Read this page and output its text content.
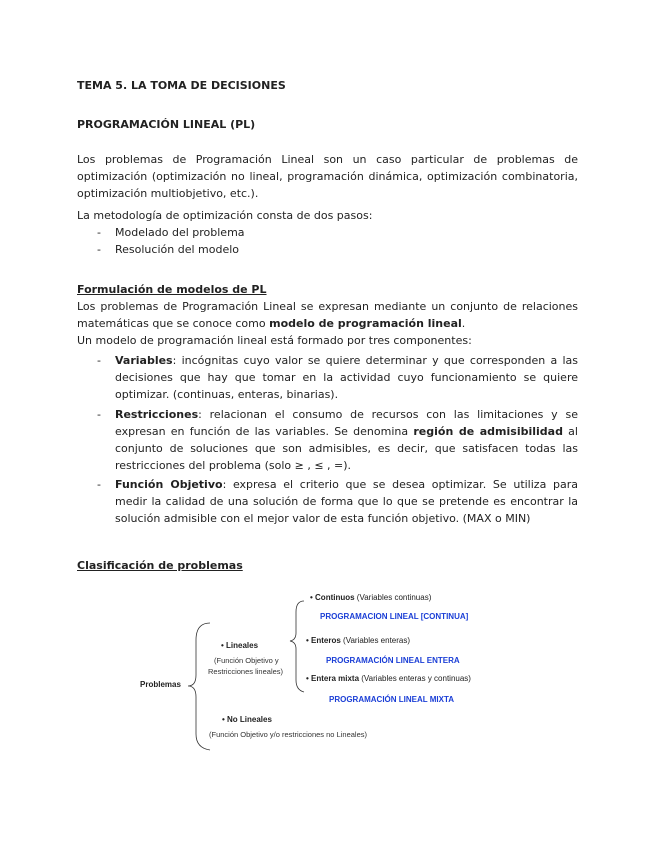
TEMA 5. LA TOMA DE DECISIONES
PROGRAMACIÓN LINEAL (PL)
Los problemas de Programación Lineal son un caso particular de problemas de optimización (optimización no lineal, programación dinámica, optimización combinatoria, optimización multiobjetivo, etc.).
La metodología de optimización consta de dos pasos:
- Modelado del problema
- Resolución del modelo
Formulación de modelos de PL
Los problemas de Programación Lineal se expresan mediante un conjunto de relaciones matemáticas que se conoce como modelo de programación lineal.
Un modelo de programación lineal está formado por tres componentes:
- Variables: incógnitas cuyo valor se quiere determinar y que corresponden a las decisiones que hay que tomar en la actividad cuyo funcionamiento se quiere optimizar. (continuas, enteras, binarias).
- Restricciones: relacionan el consumo de recursos con las limitaciones y se expresan en función de las variables. Se denomina región de admisibilidad al conjunto de soluciones que son admisibles, es decir, que satisfacen todas las restricciones del problema (solo ≥ , ≤ , =).
- Función Objetivo: expresa el criterio que se desea optimizar. Se utiliza para medir la calidad de una solución de forma que lo que se pretende es encontrar la solución admisible con el mejor valor de esta función objetivo. (MAX o MIN)
Clasificación de problemas
Problemas
• Lineales
(Función Objetivo y
Restricciones lineales)
• No Lineales
(Función Objetivo y/o restricciones no Lineales)
• Continuos (Variables continuas)
PROGRAMACION LINEAL [CONTINUA]
• Enteros (Variables enteras)
PROGRAMACIÓN LINEAL ENTERA
• Entera mixta (Variables enteras y continuas)
PROGRAMACIÓN LINEAL MIXTA
